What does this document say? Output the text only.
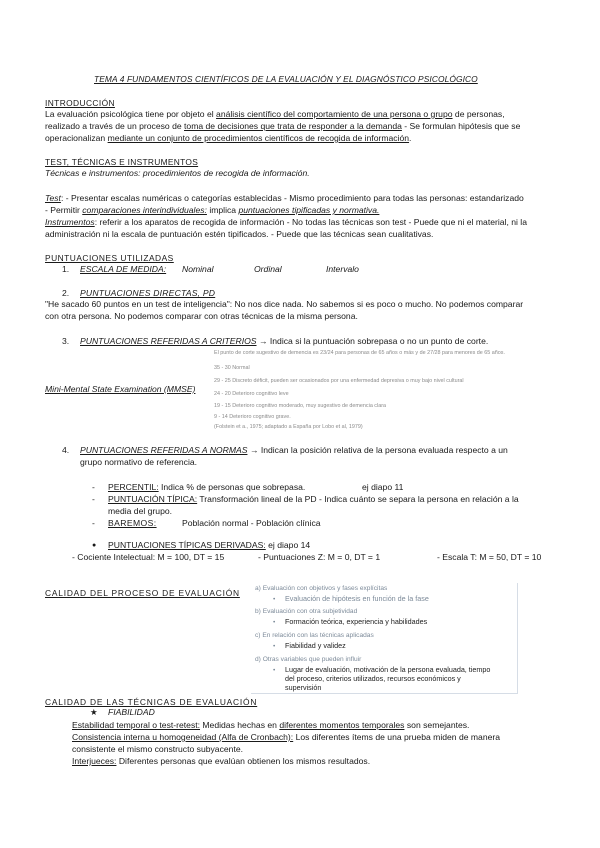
TEMA 4 FUNDAMENTOS CIENTÍFICOS DE LA EVALUACIÓN Y EL DIAGNÓSTICO PSICOLÓGICO
INTRODUCCIÓN
La evaluación psicológica tiene por objeto el análisis científico del comportamiento de una persona o grupo de personas,
realizado a través de un proceso de toma de decisiones que trata de responder a la demanda - Se formulan hipótesis que se
operacionalizan mediante un conjunto de procedimientos científicos de recogida de información.
TEST, TÉCNICAS E INSTRUMENTOS
Técnicas e instrumentos: procedimientos de recogida de información.
Test: - Presentar escalas numéricas o categorías establecidas - Mismo procedimiento para todas las personas: estandarizado
- Permitir comparaciones interindividuales: implica puntuaciones tipificadas y normativa.
Instrumentos: referir a los aparatos de recogida de información - No todas las técnicas son test - Puede que ni el material, ni la
administración ni la escala de puntuación estén tipificados. - Puede que las técnicas sean cualitativas.
PUNTUACIONES UTILIZADAS
1. ESCALA DE MEDIDA: Nominal	Ordinal	Intervalo
2. PUNTUACIONES DIRECTAS, PD
"He sacado 60 puntos en un test de inteligencia": No nos dice nada. No sabemos si es poco o mucho. No podemos comparar
con otra persona. No podemos comparar con otras técnicas de la misma persona.
3. PUNTUACIONES REFERIDAS A CRITERIOS → Indica si la puntuación sobrepasa o no un punto de corte.
Mini-Mental State Examination (MMSE)
El punto de corte sugestivo de demencia es 23/24 para personas de 65 años o más y de 27/28 para menores de 65 años.
35 - 30 Normal
29 - 25 Discreto déficit, pueden ser ocasionados por una enfermedad depresiva o muy bajo nivel cultural
24 - 20 Deterioro cognitivo leve
19 - 15 Deterioro cognitivo moderado, muy sugestivo de demencia clara
9 - 14 Deterioro cognitivo grave.
(Folstein et a., 1975; adaptado a España por Lobo et al, 1979)
4. PUNTUACIONES REFERIDAS A NORMAS → Indican la posición relativa de la persona evaluada respecto a un
grupo normativo de referencia.
- PERCENTIL: Indica % de personas que sobrepasa.	ej diapo 11
- PUNTUACIÓN TÍPICA: Transformación lineal de la PD - Indica cuánto se separa la persona en relación a la
media del grupo.
- BAREMOS:	Población normal - Población clínica
● PUNTUACIONES TÍPICAS DERIVADAS: ej diapo 14
- Cociente Intelectual: M = 100, DT = 15	- Puntuaciones Z: M = 0, DT = 1	- Escala T: M = 50, DT = 10
CALIDAD DEL PROCESO DE EVALUACIÓN a) Evaluación con objetivos y fases explícitas
• Evaluación de hipótesis en función de la fase
b) Evaluación con otra subjetividad
• Formación teórica, experiencia y habilidades
c) En relación con las técnicas aplicadas
• Fiabilidad y validez
d) Otras variables que pueden influir
• Lugar de evaluación, motivación de la persona evaluada, tiempo
del proceso, criterios utilizados, recursos económicos y
supervisión
CALIDAD DE LAS TÉCNICAS DE EVALUACIÓN
★ FIABILIDAD
Estabilidad temporal o test-retest: Medidas hechas en diferentes momentos temporales son semejantes.
Consistencia interna u homogeneidad (Alfa de Cronbach): Los diferentes ítems de una prueba miden de manera
consistente el mismo constructo subyacente.
Interjueces: Diferentes personas que evalúan obtienen los mismos resultados.
